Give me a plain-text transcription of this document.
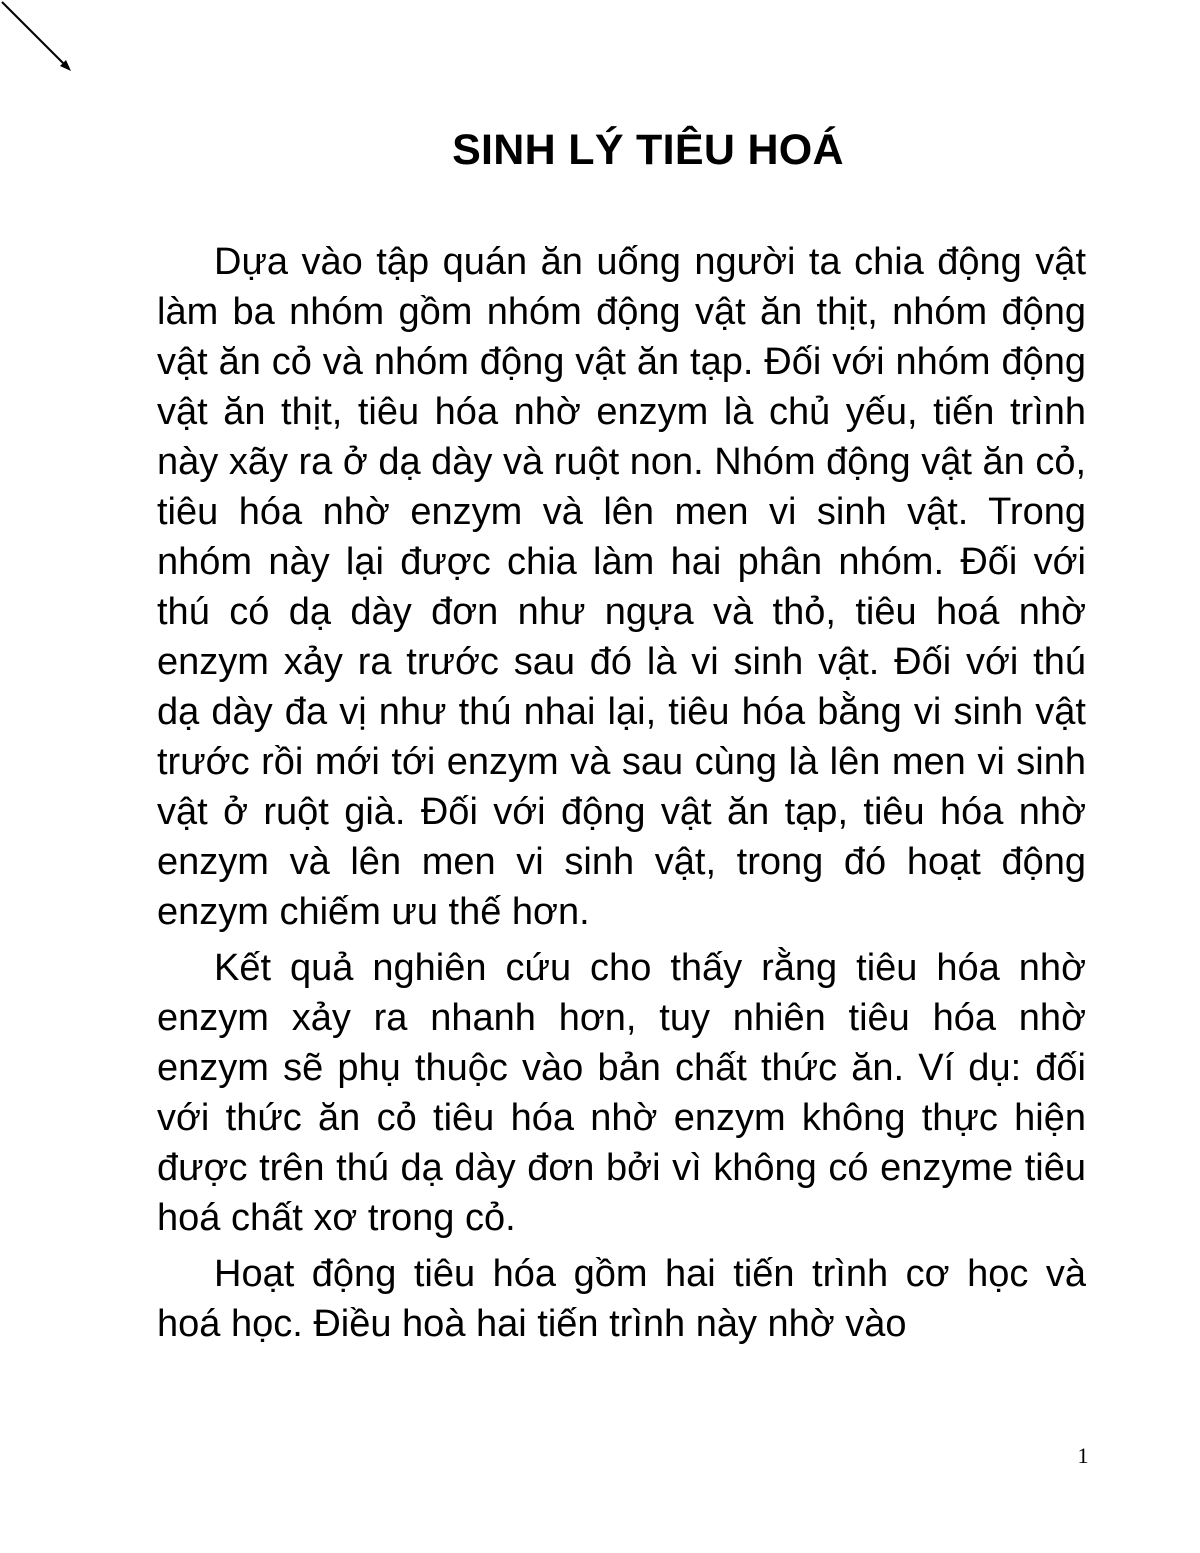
SINH LÝ TIÊU HOÁ

Dựa vào tập quán ăn uống người ta chia động vật làm ba nhóm gồm nhóm động vật ăn thịt, nhóm động vật ăn cỏ và nhóm động vật ăn tạp. Đối với nhóm động vật ăn thịt, tiêu hóa nhờ enzym là chủ yếu, tiến trình này xãy ra ở dạ dày và ruột non. Nhóm động vật ăn cỏ, tiêu hóa nhờ enzym và lên men vi sinh vật. Trong nhóm này lại được chia làm hai phân nhóm. Đối với thú có dạ dày đơn như ngựa và thỏ, tiêu hoá nhờ enzym xảy ra trước sau đó là vi sinh vật. Đối với thú dạ dày đa vị như thú nhai lại, tiêu hóa bằng vi sinh vật trước rồi mới tới enzym và sau cùng là lên men vi sinh vật ở ruột già. Đối với động vật ăn tạp, tiêu hóa nhờ enzym và lên men vi sinh vật, trong đó hoạt động enzym chiếm ưu thế hơn.

Kết quả nghiên cứu cho thấy rằng tiêu hóa nhờ enzym xảy ra nhanh hơn, tuy nhiên tiêu hóa nhờ enzym sẽ phụ thuộc vào bản chất thức ăn. Ví dụ: đối với thức ăn cỏ tiêu hóa nhờ enzym không thực hiện được trên thú dạ dày đơn bởi vì không có enzyme tiêu hoá chất xơ trong cỏ.

Hoạt động tiêu hóa gồm hai tiến trình cơ học và hoá học. Điều hoà hai tiến trình này nhờ vào

1
